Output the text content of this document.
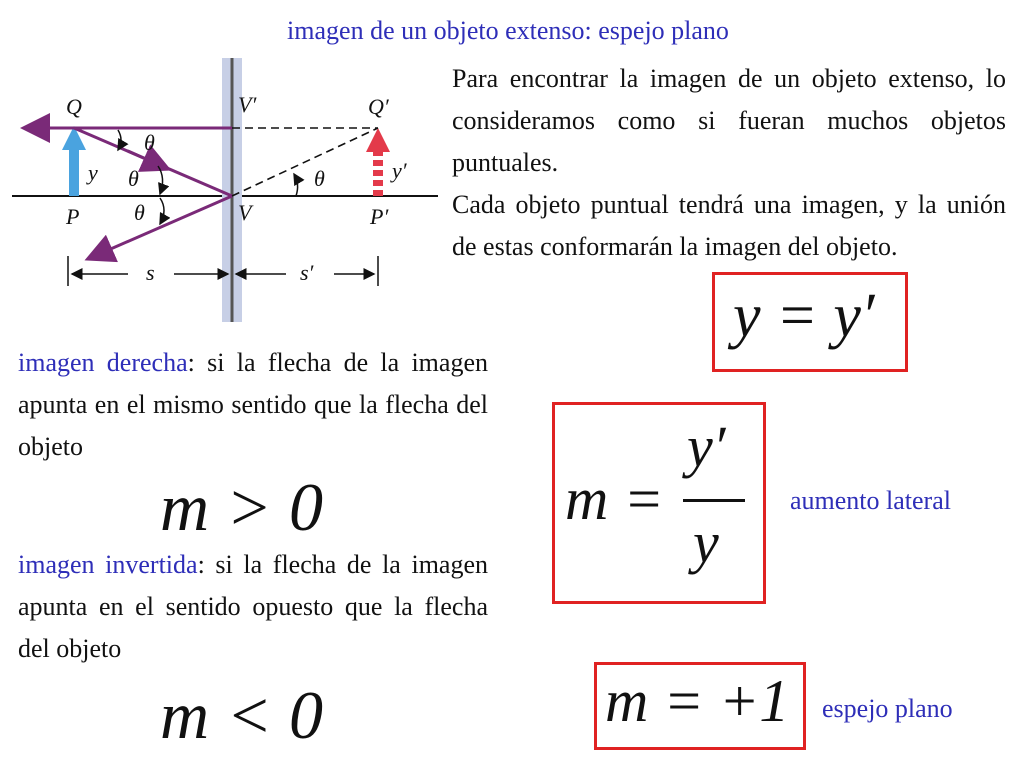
imagen de un objeto extenso: espejo plano
Q	Q′
V′
V
P	P′
y	y′
s	s′
θ
θ
θ
θ
Para encontrar la imagen de un objeto extenso, lo consideramos como si fueran muchos objetos puntuales.
Cada objeto puntual tendrá una imagen, y la unión de estas conformarán la imagen del objeto.
y = y′
imagen derecha: si la flecha de la imagen apunta en el mismo sentido que la flecha del objeto
m > 0
imagen invertida: si la flecha de la imagen apunta en el sentido opuesto que la flecha del objeto
m < 0
m =
y′
y
aumento lateral
m = +1 espejo plano
